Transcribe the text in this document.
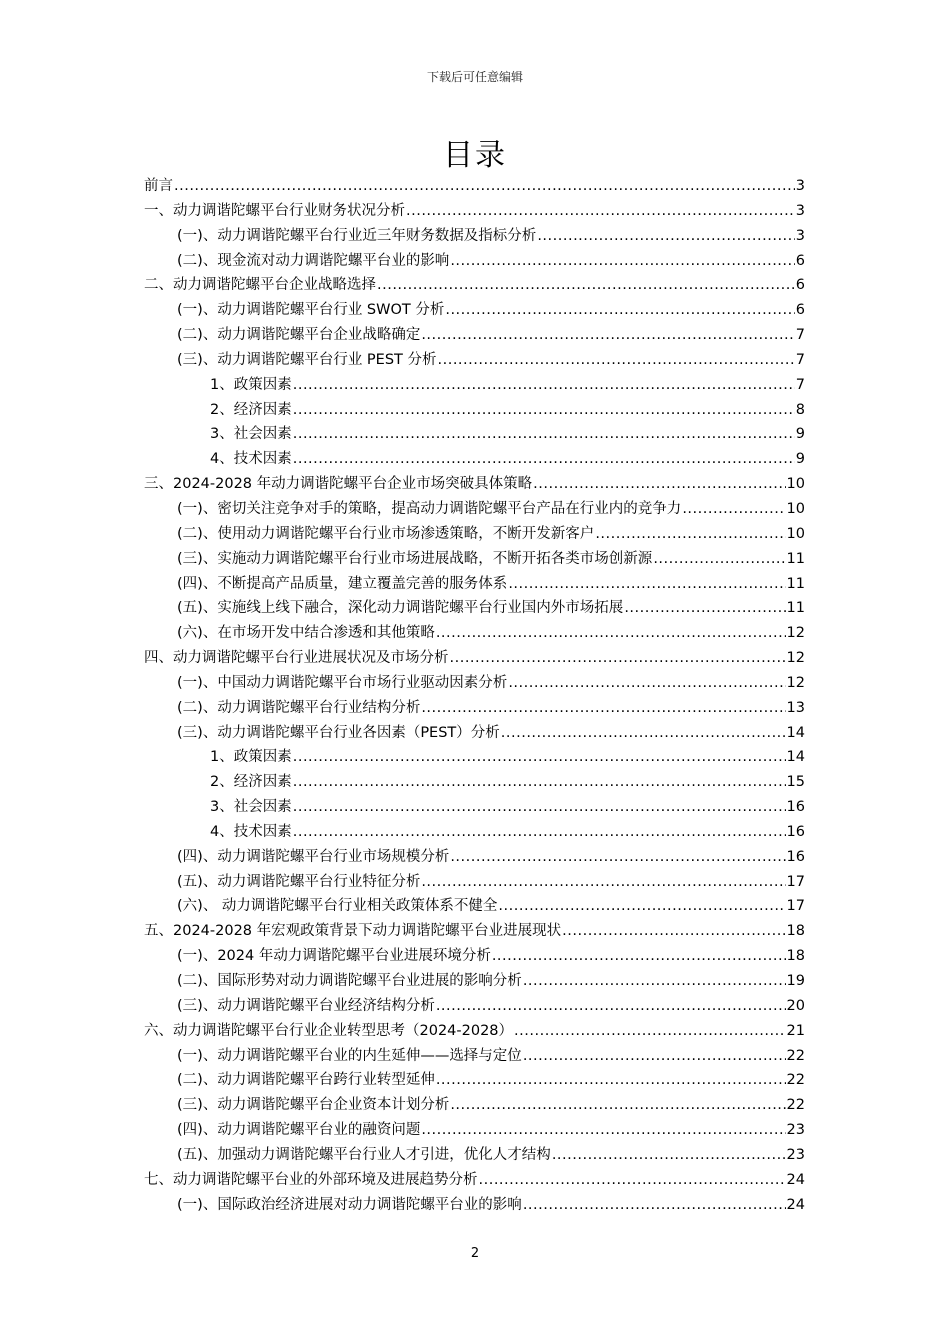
下载后可任意编辑
目录
前言 .....	3
一、动力调谐陀螺平台行业财务状况分析 .....	3
(一)、动力调谐陀螺平台行业近三年财务数据及指标分析 .....	3
(二)、现金流对动力调谐陀螺平台业的影响 .....	6
二、动力调谐陀螺平台企业战略选择 .....	6
(一)、动力调谐陀螺平台行业 SWOT 分析 .....	6
(二)、动力调谐陀螺平台企业战略确定 .....	7
(三)、动力调谐陀螺平台行业 PEST 分析 .....	7
1、政策因素 .....	7
2、经济因素 .....	8
3、社会因素 .....	9
4、技术因素 .....	9
三、2024-2028 年动力调谐陀螺平台企业市场突破具体策略 .....	10
(一)、密切关注竞争对手的策略，提高动力调谐陀螺平台产品在行业内的竞争力 .....	10
(二)、使用动力调谐陀螺平台行业市场渗透策略，不断开发新客户 .....	10
(三)、实施动力调谐陀螺平台行业市场进展战略，不断开拓各类市场创新源 .....	11
(四)、不断提高产品质量，建立覆盖完善的服务体系 .....	11
(五)、实施线上线下融合，深化动力调谐陀螺平台行业国内外市场拓展 .....	11
(六)、在市场开发中结合渗透和其他策略 .....	12
四、动力调谐陀螺平台行业进展状况及市场分析 .....	12
(一)、中国动力调谐陀螺平台市场行业驱动因素分析 .....	12
(二)、动力调谐陀螺平台行业结构分析 .....	13
(三)、动力调谐陀螺平台行业各因素（PEST）分析 .....	14
1、政策因素 .....	14
2、经济因素 .....	15
3、社会因素 .....	16
4、技术因素 .....	16
(四)、动力调谐陀螺平台行业市场规模分析 .....	16
(五)、动力调谐陀螺平台行业特征分析 .....	17
(六)、 动力调谐陀螺平台行业相关政策体系不健全 .....	17
五、2024-2028 年宏观政策背景下动力调谐陀螺平台业进展现状 .....	18
(一)、2024 年动力调谐陀螺平台业进展环境分析 .....	18
(二)、国际形势对动力调谐陀螺平台业进展的影响分析 .....	19
(三)、动力调谐陀螺平台业经济结构分析 .....	20
六、动力调谐陀螺平台行业企业转型思考（2024-2028） .....	21
(一)、动力调谐陀螺平台业的内生延伸——选择与定位 .....	22
(二)、动力调谐陀螺平台跨行业转型延伸 .....	22
(三)、动力调谐陀螺平台企业资本计划分析 .....	22
(四)、动力调谐陀螺平台业的融资问题 .....	23
(五)、加强动力调谐陀螺平台行业人才引进，优化人才结构 .....	23
七、动力调谐陀螺平台业的外部环境及进展趋势分析 .....	24
(一)、国际政治经济进展对动力调谐陀螺平台业的影响 .....	24
2
